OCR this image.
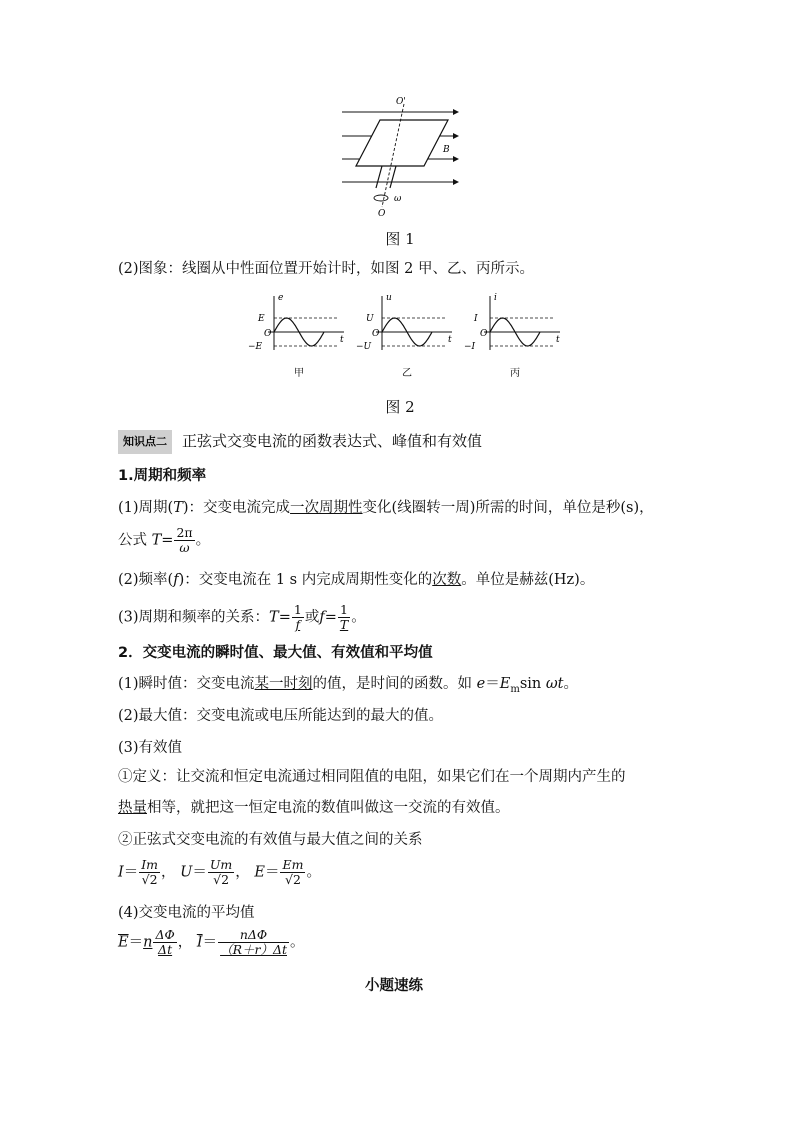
O'
B
ω
O
图 1
(2)图象：线圈从中性面位置开始计时，如图 2 甲、乙、丙所示。
e
t
O
E
−E
甲
u
t
O
U
−U
乙
i
t
O
I
−I
丙
图 2
知识点二 正弦式交变电流的函数表达式、峰值和有效值
1.周期和频率
(1)周期(T)：交变电流完成一次周期性变化(线圈转一周)所需的时间，单位是秒(s)，
公式 $T= \frac{2\pi}{\omega}$ 。
(2)频率(f)：交变电流在 1 s 内完成周期性变化的次数。单位是赫兹(Hz)。
(3)周期和频率的关系：$T= \frac{1}{f}$ 或$f= \frac{1}{T}$ 。
2．交变电流的瞬时值、最大值、有效值和平均值
(1)瞬时值：交变电流某一时刻的值，是时间的函数。如 $e=E_m\sin$ ωt。
(2)最大值：交变电流或电压所能达到的最大的值。
(3)有效值
①定义：让交流和恒定电流通过相同阻值的电阻，如果它们在一个周期内产生的
热量相等，就把这一恒定电流的数值叫做这一交流的有效值。
②正弦式交变电流的有效值与最大值之间的关系
$I= \frac{Im}{√2}$ ， $U= \frac{Um}{√2}$ ， $E= \frac{Em}{√2}$ 。
(4)交变电流的平均值
$\overline{E}=n \frac{\Delta\Phi}{\Delta t}$ ， $\overline{I}= \frac{\text{nΔΦ}}{(R+r)\Delta t}$ 。
小题速练
